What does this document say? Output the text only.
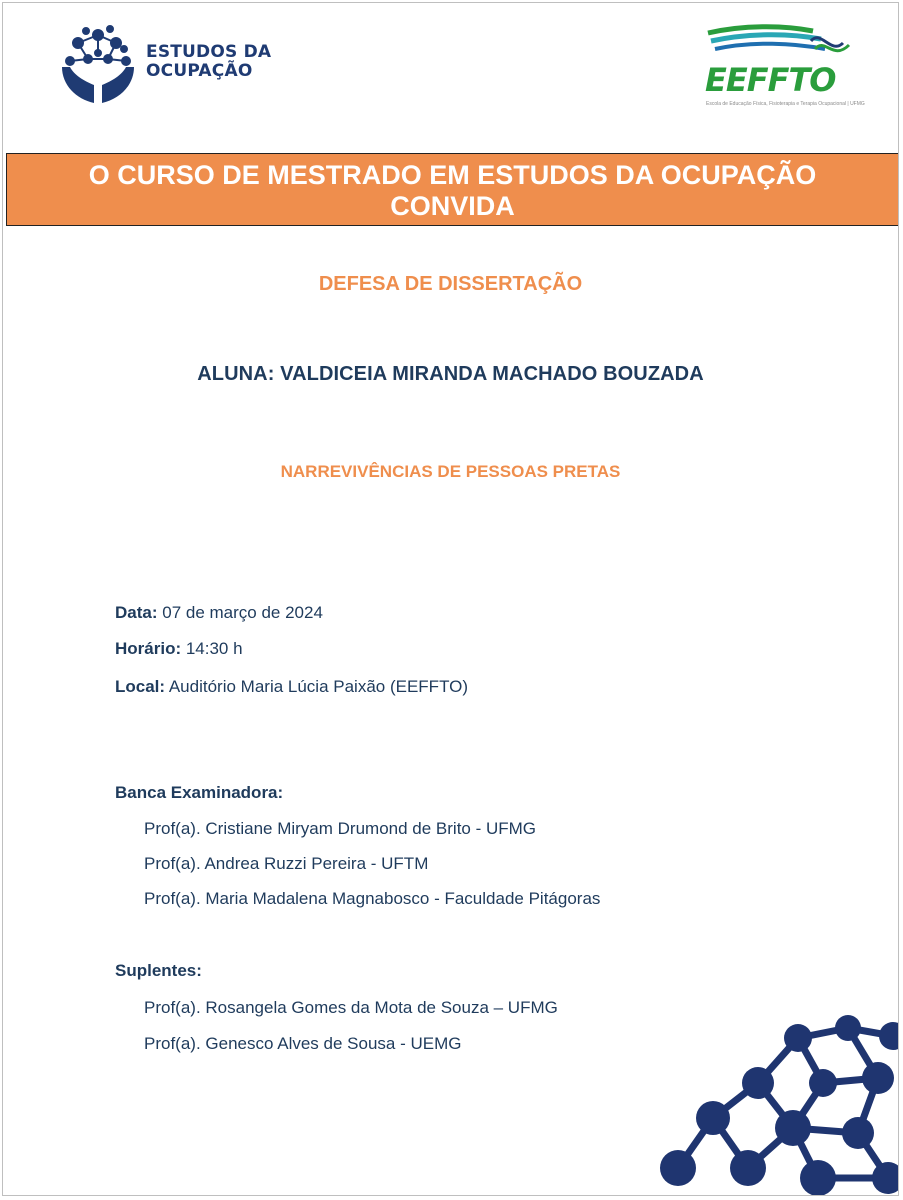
ESTUDOS DA
OCUPAÇÃO	EEFFTO
Escola de Educação Física, Fisioterapia e Terapia Ocupacional | UFMG
O CURSO DE MESTRADO EM ESTUDOS DA OCUPAÇÃO
CONVIDA
DEFESA DE DISSERTAÇÃO
ALUNA: VALDICEIA MIRANDA MACHADO BOUZADA
NARREVIVÊNCIAS DE PESSOAS PRETAS
Data: 07 de março de 2024
Horário: 14:30 h
Local: Auditório Maria Lúcia Paixão (EEFFTO)
Banca Examinadora:
Prof(a). Cristiane Miryam Drumond de Brito - UFMG
Prof(a). Andrea Ruzzi Pereira - UFTM
Prof(a). Maria Madalena Magnabosco - Faculdade Pitágoras
Suplentes:
Prof(a). Rosangela Gomes da Mota de Souza – UFMG
Prof(a). Genesco Alves de Sousa - UEMG
